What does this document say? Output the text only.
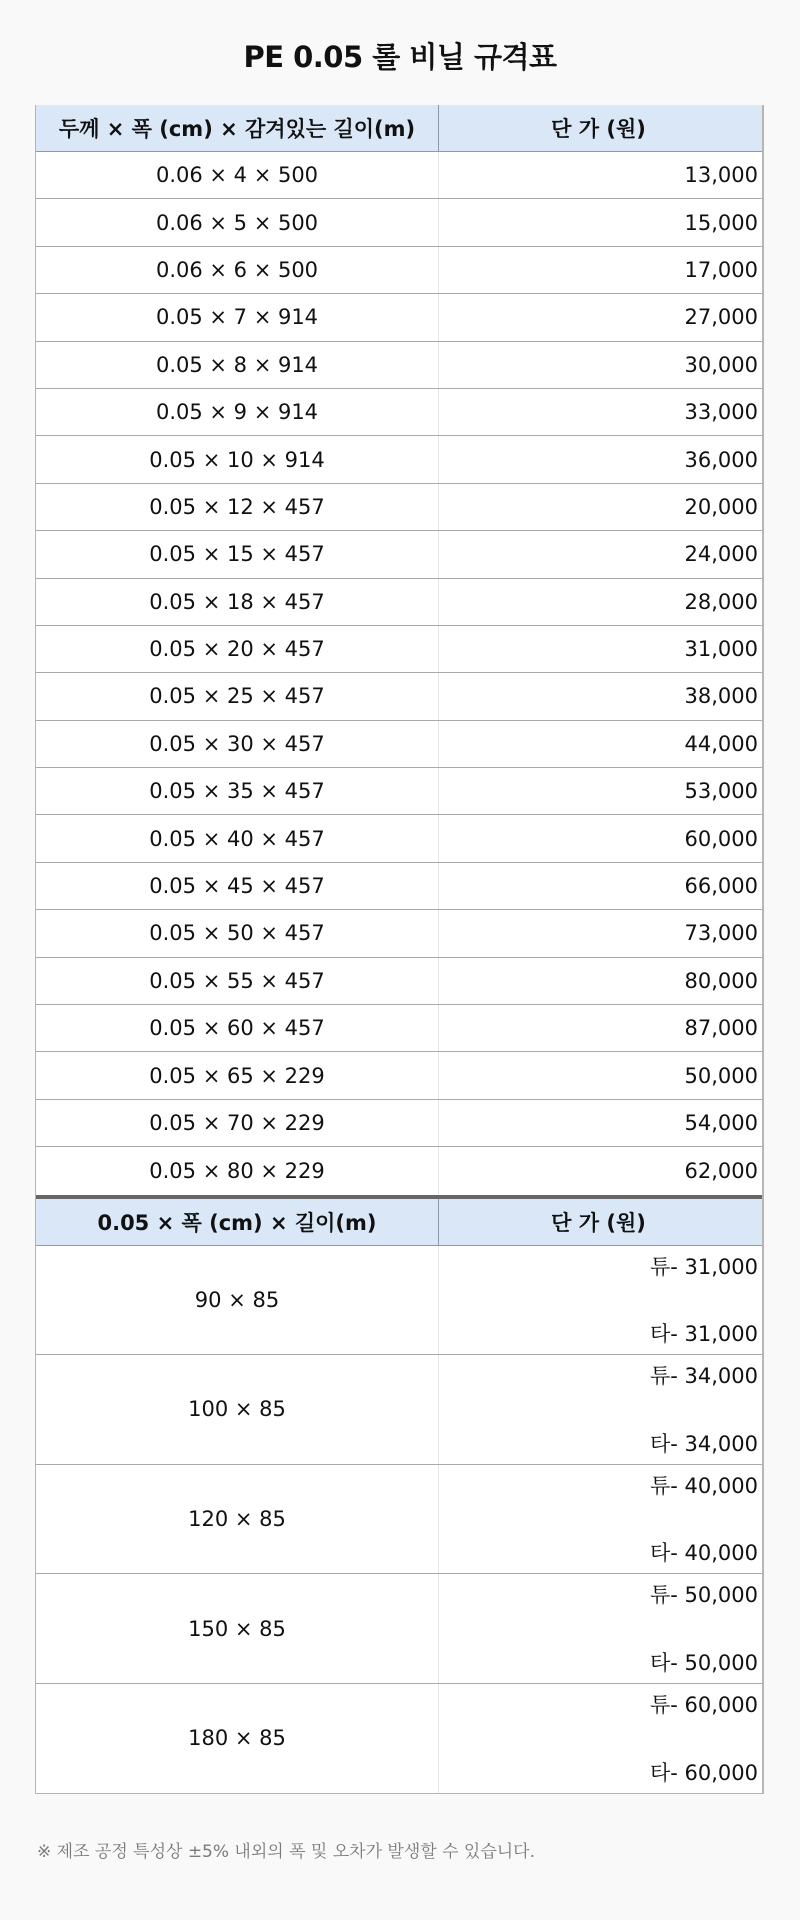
PE 0.05 롤 비닐 규격표
두께 × 폭 (cm) × 감겨있는 길이(m)	단 가 (원)
0.06 × 4 × 500	13,000
0.06 × 5 × 500	15,000
0.06 × 6 × 500	17,000
0.05 × 7 × 914	27,000
0.05 × 8 × 914	30,000
0.05 × 9 × 914	33,000
0.05 × 10 × 914	36,000
0.05 × 12 × 457	20,000
0.05 × 15 × 457	24,000
0.05 × 18 × 457	28,000
0.05 × 20 × 457	31,000
0.05 × 25 × 457	38,000
0.05 × 30 × 457	44,000
0.05 × 35 × 457	53,000
0.05 × 40 × 457	60,000
0.05 × 45 × 457	66,000
0.05 × 50 × 457	73,000
0.05 × 55 × 457	80,000
0.05 × 60 × 457	87,000
0.05 × 65 × 229	50,000
0.05 × 70 × 229	54,000
0.05 × 80 × 229	62,000
0.05 × 폭 (cm) × 길이(m)	단 가 (원)
90 × 85
튜- 31,000
타- 31,000
100 × 85
튜- 34,000
타- 34,000
120 × 85
튜- 40,000
타- 40,000
150 × 85
튜- 50,000
타- 50,000
180 × 85
튜- 60,000
타- 60,000
※ 제조 공정 특성상 ±5% 내외의 폭 및 오차가 발생할 수 있습니다.
